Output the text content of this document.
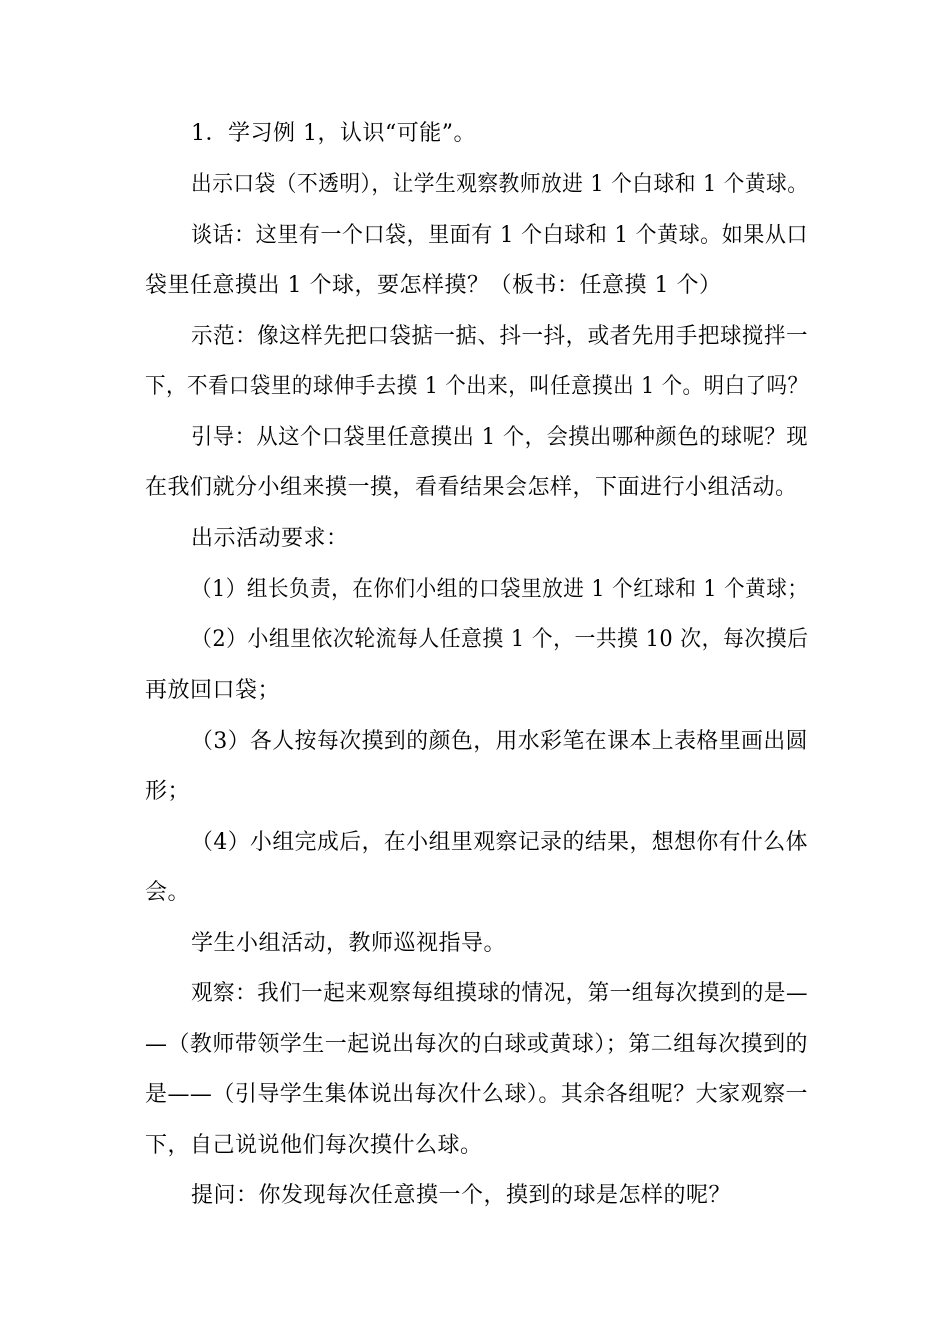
1．学习例 1，认识“可能”。
出示口袋（不透明），让学生观察教师放进 1 个白球和 1 个黄球。
谈话：这里有一个口袋，里面有 1 个白球和 1 个黄球。如果从口
袋里任意摸出 1 个球，要怎样摸？（板书：任意摸 1 个）
示范：像这样先把口袋掂一掂、抖一抖，或者先用手把球搅拌一
下，不看口袋里的球伸手去摸 1 个出来，叫任意摸出 1 个。明白了吗？
引导：从这个口袋里任意摸出 1 个，会摸出哪种颜色的球呢？现
在我们就分小组来摸一摸，看看结果会怎样，下面进行小组活动。
出示活动要求：
（1）组长负责，在你们小组的口袋里放进 1 个红球和 1 个黄球；
（2）小组里依次轮流每人任意摸 1 个，一共摸 10 次，每次摸后
再放回口袋；
（3）各人按每次摸到的颜色，用水彩笔在课本上表格里画出圆
形；
（4）小组完成后，在小组里观察记录的结果，想想你有什么体
会。
学生小组活动，教师巡视指导。
观察：我们一起来观察每组摸球的情况，第一组每次摸到的是—
—（教师带领学生一起说出每次的白球或黄球）；第二组每次摸到的
是——（引导学生集体说出每次什么球）。其余各组呢？大家观察一
下，自己说说他们每次摸什么球。
提问：你发现每次任意摸一个，摸到的球是怎样的呢？
